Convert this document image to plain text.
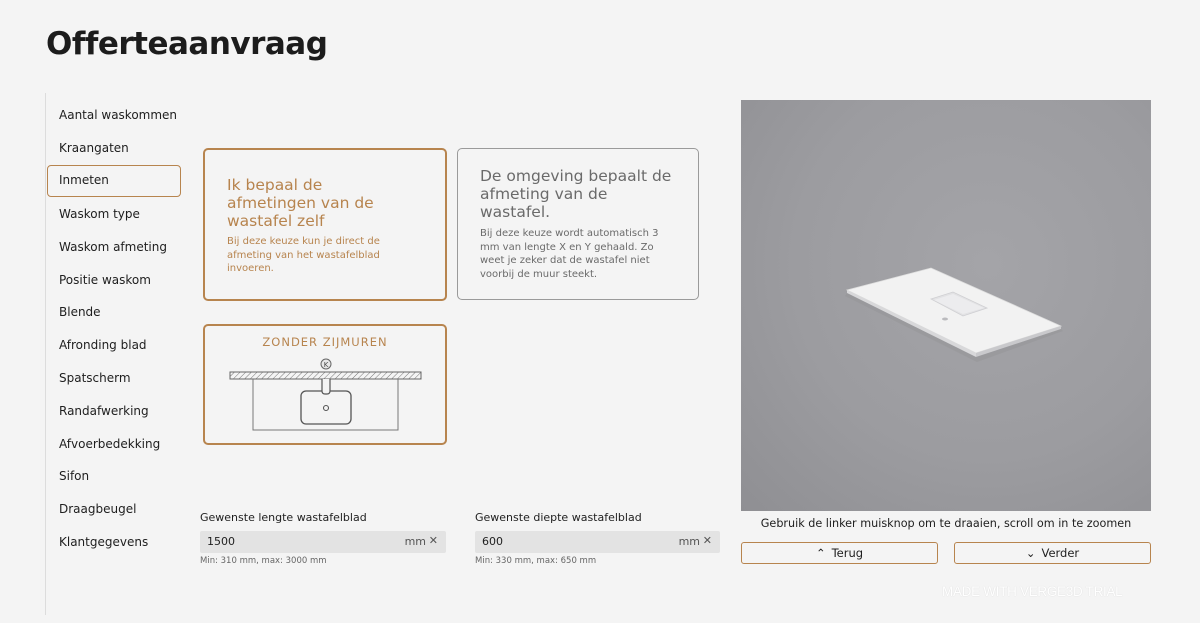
Offerteaanvraag
Aantal waskommen
Kraangaten
Inmeten
Waskom type
Waskom afmeting
Positie waskom
Blende
Afronding blad
Spatscherm
Randafwerking
Afvoerbedekking
Sifon
Draagbeugel
Klantgegevens
Ik bepaal de
afmetingen van de
wastafel zelf
Bij deze keuze kun je direct de
afmeting van het wastafelblad
invoeren.
De omgeving bepaalt de
afmeting van de
wastafel.
Bij deze keuze wordt automatisch 3
mm van lengte X en Y gehaald. Zo
weet je zeker dat de wastafel niet
voorbij de muur steekt.
ZONDER ZIJMUREN
K
Gewenste lengte wastafelblad
1500	mm ✕
Min: 310 mm, max: 3000 mm
Gewenste diepte wastafelblad
600	mm ✕
Min: 330 mm, max: 650 mm
Gebruik de linker muisknop om te draaien, scroll om in te zoomen
⌃ Terug	⌄ Verder
MADE WITH VERGE3D TRIAL
